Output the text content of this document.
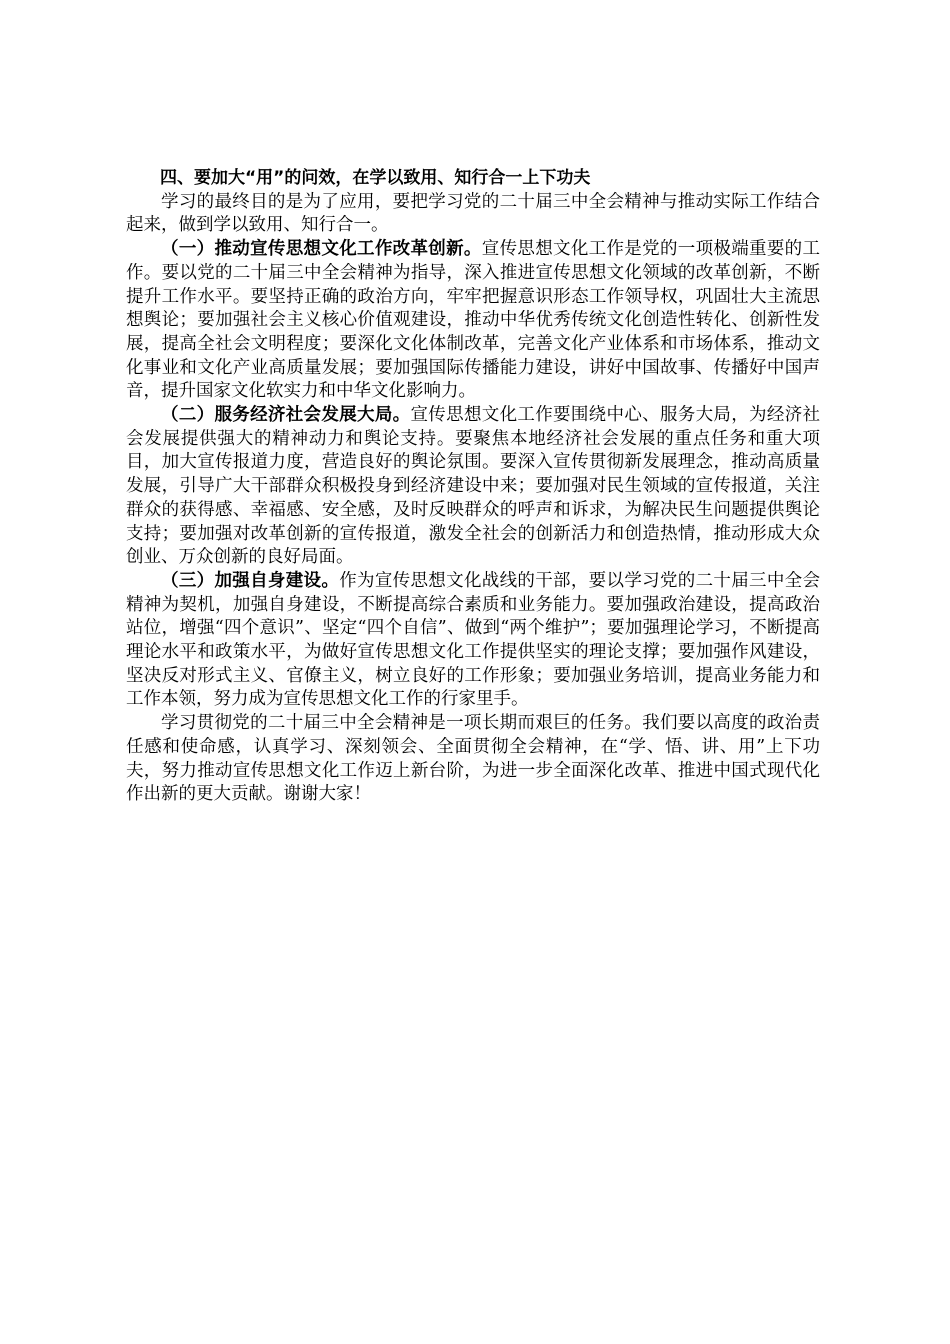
四、要加大“用”的问效，在学以致用、知行合一上下功夫

学习的最终目的是为了应用，要把学习党的二十届三中全会精神与推动实际工作结合起来，做到学以致用、知行合一。

（一）推动宣传思想文化工作改革创新。宣传思想文化工作是党的一项极端重要的工作。要以党的二十届三中全会精神为指导，深入推进宣传思想文化领域的改革创新，不断提升工作水平。要坚持正确的政治方向，牢牢把握意识形态工作领导权，巩固壮大主流思想舆论；要加强社会主义核心价值观建设，推动中华优秀传统文化创造性转化、创新性发展，提高全社会文明程度；要深化文化体制改革，完善文化产业体系和市场体系，推动文化事业和文化产业高质量发展；要加强国际传播能力建设，讲好中国故事、传播好中国声音，提升国家文化软实力和中华文化影响力。

（二）服务经济社会发展大局。宣传思想文化工作要围绕中心、服务大局，为经济社会发展提供强大的精神动力和舆论支持。要聚焦本地经济社会发展的重点任务和重大项目，加大宣传报道力度，营造良好的舆论氛围。要深入宣传贯彻新发展理念，推动高质量发展，引导广大干部群众积极投身到经济建设中来；要加强对民生领域的宣传报道，关注群众的获得感、幸福感、安全感，及时反映群众的呼声和诉求，为解决民生问题提供舆论支持；要加强对改革创新的宣传报道，激发全社会的创新活力和创造热情，推动形成大众创业、万众创新的良好局面。

（三）加强自身建设。作为宣传思想文化战线的干部，要以学习党的二十届三中全会精神为契机，加强自身建设，不断提高综合素质和业务能力。要加强政治建设，提高政治站位，增强“四个意识”、坚定“四个自信”、做到“两个维护”；要加强理论学习，不断提高理论水平和政策水平，为做好宣传思想文化工作提供坚实的理论支撑；要加强作风建设，坚决反对形式主义、官僚主义，树立良好的工作形象；要加强业务培训，提高业务能力和工作本领，努力成为宣传思想文化工作的行家里手。

学习贯彻党的二十届三中全会精神是一项长期而艰巨的任务。我们要以高度的政治责任感和使命感，认真学习、深刻领会、全面贯彻全会精神，在“学、悟、讲、用”上下功夫，努力推动宣传思想文化工作迈上新台阶，为进一步全面深化改革、推进中国式现代化作出新的更大贡献。谢谢大家！
